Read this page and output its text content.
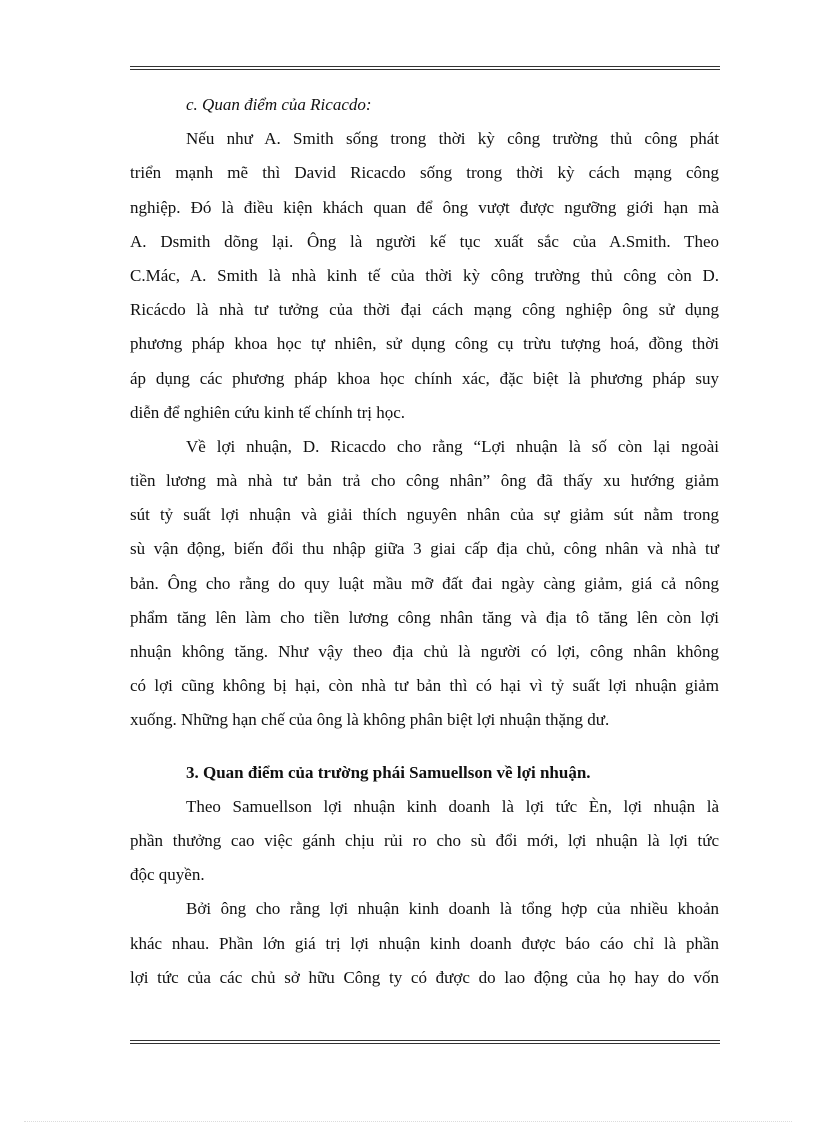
c. Quan điểm của Ricacdo:
Nếu như A. Smith sống trong thời kỳ công trường thủ công phát
triển mạnh mẽ thì David Ricacdo sống trong thời kỳ cách mạng công
nghiệp. Đó là điều kiện khách quan để ông vượt được ngưỡng giới hạn mà
A. Dsmith dõng lại. Ông là người kế tục xuất sắc của A.Smith. Theo
C.Mác, A. Smith là nhà kinh tế của thời kỳ công trường thủ công còn D.
Ricácdo là nhà tư tưởng của thời đại cách mạng công nghiệp ông sử dụng
phương pháp khoa học tự nhiên, sử dụng công cụ trừu tượng hoá, đồng thời
áp dụng các phương pháp khoa học chính xác, đặc biệt là phương pháp suy
diễn để nghiên cứu kinh tế chính trị học.
Về lợi nhuận, D. Ricacdo cho rằng “Lợi nhuận là số còn lại ngoài
tiền lương mà nhà tư bản trả cho công nhân” ông đã thấy xu hướng giảm
sút tỷ suất lợi nhuận và giải thích nguyên nhân của sự giảm sút nằm trong
sù vận động, biến đổi thu nhập giữa 3 giai cấp địa chủ, công nhân và nhà tư
bản. Ông cho rằng do quy luật mầu mỡ đất đai ngày càng giảm, giá cả nông
phẩm tăng lên làm cho tiền lương công nhân tăng và địa tô tăng lên còn lợi
nhuận không tăng. Như vậy theo địa chủ là người có lợi, công nhân không
có lợi cũng không bị hại, còn nhà tư bản thì có hại vì tỷ suất lợi nhuận giảm
xuống. Những hạn chế của ông là không phân biệt lợi nhuận thặng dư.
3. Quan điểm của trường phái Samuellson về lợi nhuận.
Theo Samuellson lợi nhuận kinh doanh là lợi tức Èn, lợi nhuận là
phần thưởng cao việc gánh chịu rủi ro cho sù đổi mới, lợi nhuận là lợi tức
độc quyền.
Bởi ông cho rằng lợi nhuận kinh doanh là tổng hợp của nhiều khoản
khác nhau. Phần lớn giá trị lợi nhuận kinh doanh được báo cáo chỉ là phần
lợi tức của các chủ sở hữu Công ty có được do lao động của họ hay do vốn
